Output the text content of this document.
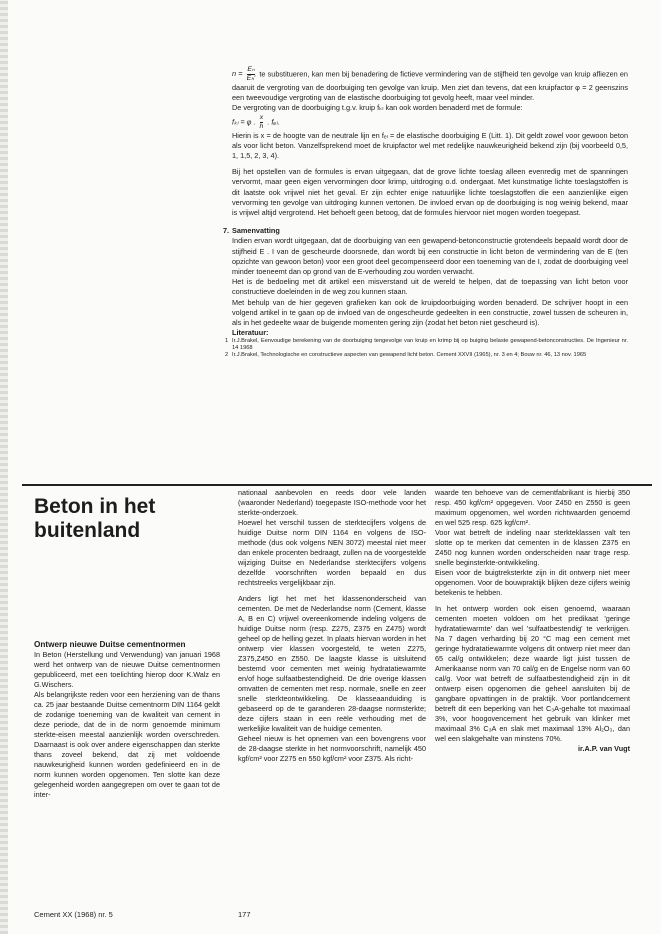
$n = \frac{\text{Eₙ}}{\text{Eₕ′}}$ te substitueren, kan men bij benadering de fictieve vermindering van de stijfheid ten gevolge van kruip afliezen en daaruit de vergroting van de doorbuiging ten gevolge van kruip. Men ziet dan tevens, dat een kruipfactor φ = 2 geenszins een tweevoudige vergroting van de elastische doorbuiging tot gevolg heeft, maar veel minder.

De vergroting van de doorbuiging t.g.v. kruip fₖₗ kan ook worden benaderd met de formule:

fₖₗ = φ . $\frac{x}{h}$ . fₑₗ.

Hierin is x = de hoogte van de neutrale lijn en fₑₗ = de elastische doorbuiging E (Litt. 1). Dit geldt zowel voor gewoon beton als voor licht beton. Vanzelfsprekend moet de kruipfactor wel met redelijke nauwkeurigheid bekend zijn (bij voorbeeld 0,5, 1, 1,5, 2, 3, 4).

Bij het opstellen van de formules is ervan uitgegaan, dat de grove lichte toeslag alleen evenredig met de spanningen vervormt, maar geen eigen vervormingen door krimp, uitdroging o.d. ondergaat. Met kunstmatige lichte toeslagstoffen is dit laatste ook vrijwel niet het geval. Er zijn echter enige natuurlijke lichte toeslagstoffen die een aanzienlijke eigen vervorming ten gevolge van uitdroging kunnen vertonen. De invloed ervan op de doorbuiging is nog weinig bekend, maar is vrijwel altijd vergrotend. Het behoeft geen betoog, dat de formules hiervoor niet mogen worden toegepast.

7. Samenvatting

Indien ervan wordt uitgegaan, dat de doorbuiging van een gewapend-betonconstructie grotendeels bepaald wordt door de stijfheid E . I van de gescheurde doorsnede, dan wordt bij een constructie in licht beton de vermindering van de E (ten opzichte van gewoon beton) voor een groot deel gecompenseerd door een toeneming van de I, zodat de doorbuiging veel minder toeneemt dan op grond van de E-verhouding zou worden verwacht.

Het is de bedoeling met dit artikel een misverstand uit de wereld te helpen, dat de toepassing van licht beton voor constructieve doeleinden in de weg zou kunnen staan.

Met behulp van de hier gegeven grafieken kan ook de kruipdoorbuiging worden benaderd. De schrijver hoopt in een volgend artikel in te gaan op de invloed van de ongescheurde gedeelten in een constructie, zowel tussen de scheuren in, als in het gedeelte waar de buigende momenten gering zijn (zodat het beton niet gescheurd is).

Literatuur:

1 Ir.J.Brakel, Eenvoudige berekening van de doorbuiging tengevolge van kruip en krimp bij op buiging belaste gewapend-betonconstructies. De Ingenieur nr. 14 1968
2 Ir.J.Brakel, Technologische en constructieve aspecten van gewapend licht beton. Cement XXVII (1965), nr. 3 en 4; Bouw nr. 46, 13 nov. 1965
Beton in het buitenland

Ontwerp nieuwe Duitse cementnormen

In Beton (Herstellung und Verwendung) van januari 1968 werd het ontwerp van de nieuwe Duitse cementnormen gepubliceerd, met een toelichting hierop door K.Walz en G.Wischers.
Als belangrijkste reden voor een herziening van de thans ca. 25 jaar bestaande Duitse cementnorm DIN 1164 geldt de zodanige toeneming van de kwaliteit van cement in deze periode, dat de in de norm genoemde minimum sterkte-eisen meestal aanzienlijk worden overschreden. Daarnaast is ook over andere eigenschappen dan sterkte thans zoveel bekend, dat zij met voldoende nauwkeurigheid kunnen worden gedefinieerd en in de norm kunnen worden opgenomen. Ten slotte kan deze gelegenheid worden aangegrepen om over te gaan tot de inter-

nationaal aanbevolen en reeds door vele landen (waaronder Nederland) toegepaste ISO-methode voor het sterkte-onderzoek.
Hoewel het verschil tussen de sterktecijfers volgens de huidige Duitse norm DIN 1164 en volgens de ISO-methode (dus ook volgens NEN 3072) meestal niet meer dan enkele procenten bedraagt, zullen na de voorgestelde wijziging Duitse en Nederlandse sterktecijfers volgens dezelfde voorschriften worden bepaald en dus rechtstreeks vergelijkbaar zijn.

Anders ligt het met het klassenonderscheid van cementen. De met de Nederlandse norm (Cement, klasse A, B en C) vrijwel overeenkomende indeling volgens de huidige Duitse norm (resp. Z275, Z375 en Z475) wordt geheel op de helling gezet. In plaats hiervan worden in het ontwerp vier klassen voorgesteld, te weten Z275, Z375,Z450 en Z550. De laagste klasse is uitsluitend bestemd voor cementen met weinig hydratatiewarmte en/of hoge sulfaatbestendigheid. De drie overige klassen omvatten de cementen met resp. normale, snelle en zeer snelle sterkteontwikkeling. De klasseaanduiding is gebaseerd op de te garanderen 28-daagse normsterkte; deze cijfers staan in een reële verhouding met de werkelijke kwaliteit van de huidige cementen.
Geheel nieuw is het opnemen van een bovengrens voor de 28-daagse sterkte in het normvoorschrift, namelijk 450 kgf/cm² voor Z275 en 550 kgf/cm² voor Z375. Als richt-

waarde ten behoeve van de cementfabrikant is hierbij 350 resp. 450 kgf/cm² opgegeven. Voor Z450 en Z550 is geen maximum opgenomen, wel worden richtwaarden genoemd en wel 525 resp. 625 kgf/cm².
Voor wat betreft de indeling naar sterkteklassen valt ten slotte op te merken dat cementen in de klassen Z375 en Z450 nog kunnen worden onderscheiden naar trage resp. snelle beginsterkte-ontwikkeling.
Eisen voor de buigtreksterkte zijn in dit ontwerp niet meer opgenomen. Voor de bouwpraktijk blijken deze cijfers weinig betekenis te hebben.

In het ontwerp worden ook eisen genoemd, waaraan cementen moeten voldoen om het predikaat 'geringe hydratatiewarmte' dan wel 'sulfaatbestendig' te verkrijgen. Na 7 dagen verharding bij 20 °C mag een cement met geringe hydratatiewarmte volgens dit ontwerp niet meer dan 65 cal/g ontwikkelen; deze waarde ligt juist tussen de Amerikaanse norm van 70 cal/g en de Engelse norm van 60 cal/g. Voor wat betreft de sulfaatbestendigheid zijn in dit ontwerp eisen opgenomen die geheel aansluiten bij de gangbare opvattingen in de praktijk. Voor portlandcement betreft dit een beperking van het C₃A-gehalte tot maximaal 3%, voor hoogovencement het gebruik van klinker met maximaal 3% C₃A en slak met maximaal 13% Al₂O₃, dan wel een slakgehalte van minstens 70%.

ir.A.P. van Vugt

Cement XX (1968) nr. 5	177
